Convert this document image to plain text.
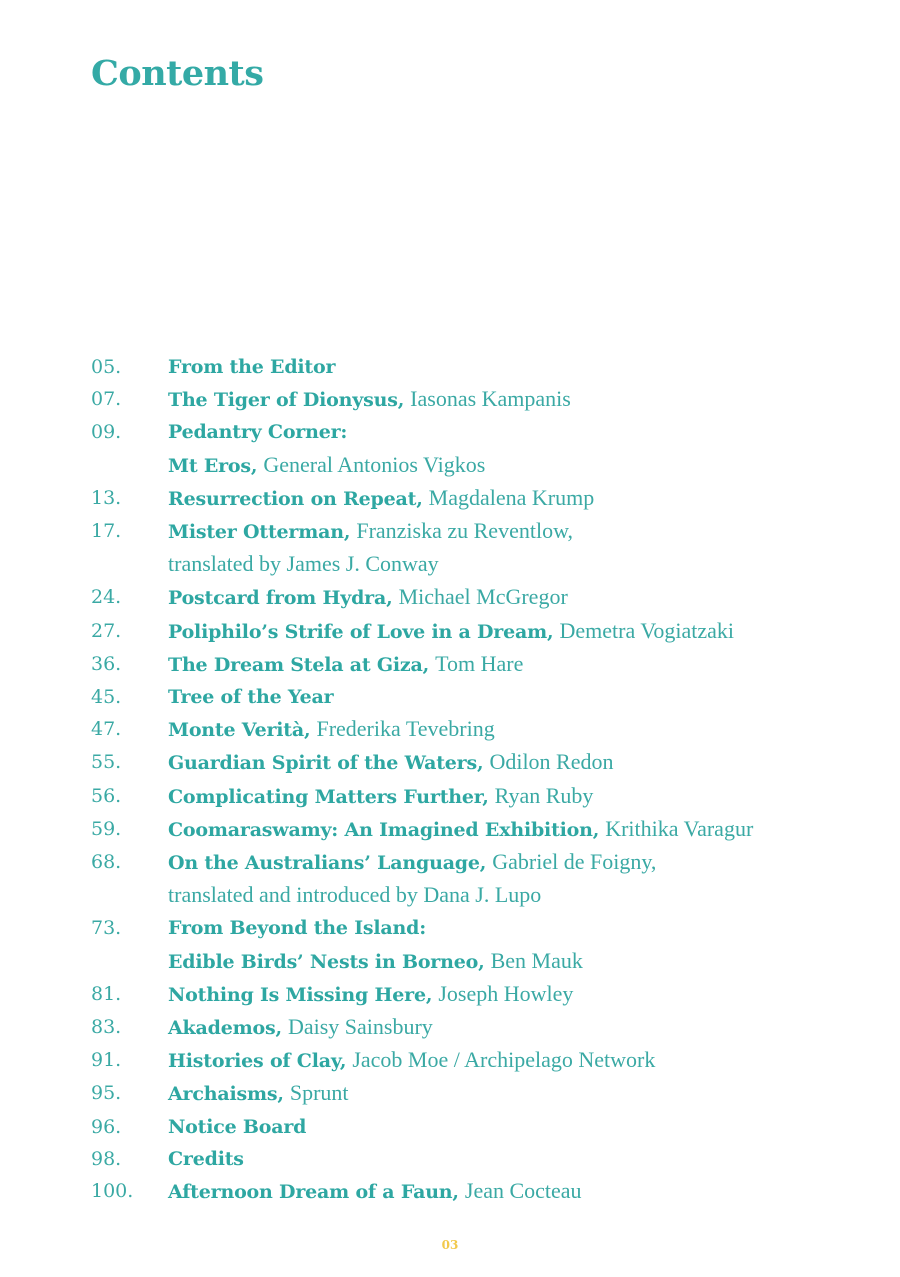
Contents
05.	From the Editor
07.	The Tiger of Dionysus, Iasonas Kampanis
09.	Pedantry Corner:
Mt Eros, General Antonios Vigkos
13.	Resurrection on Repeat, Magdalena Krump
17.	Mister Otterman, Franziska zu Reventlow,
translated by James J. Conway
24.	Postcard from Hydra, Michael McGregor
27.	Poliphilo’s Strife of Love in a Dream, Demetra Vogiatzaki
36.	The Dream Stela at Giza, Tom Hare
45.	Tree of the Year
47.	Monte Verità, Frederika Tevebring
55.	Guardian Spirit of the Waters, Odilon Redon
56.	Complicating Matters Further, Ryan Ruby
59.	Coomaraswamy: An Imagined Exhibition, Krithika Varagur
68.	On the Australians’ Language, Gabriel de Foigny,
translated and introduced by Dana J. Lupo
73.	From Beyond the Island:
Edible Birds’ Nests in Borneo, Ben Mauk
81.	Nothing Is Missing Here, Joseph Howley
83.	Akademos, Daisy Sainsbury
91.	Histories of Clay, Jacob Moe / Archipelago Network
95.	Archaisms, Sprunt
96.	Notice Board
98.	Credits
100.	Afternoon Dream of a Faun, Jean Cocteau
03
